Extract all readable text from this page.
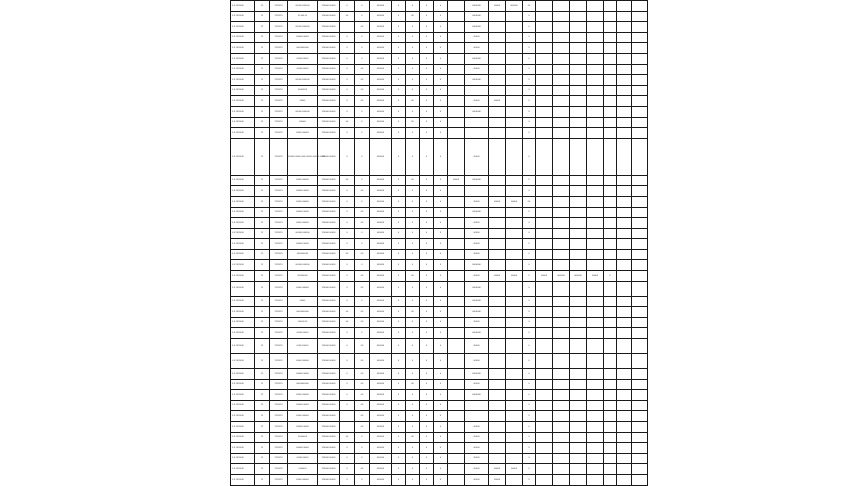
0.5 2020/06	12	12/2019	00000 0000000	120000 00000	0	0	000000	0	0	0	0		0000000	00000	000000	00							
0.5 2020/06	12	12/2019	00 000 00	120000 00000	00	0	000000	0	00	0	0		0000000			0							
0.5 2020/06	12	12/2019	00000 0000000	120000 00000		00	000000	0	0	0	0		0000000			0							
0.5 2020/06	12	12/2019	000000 00000	120000 00000	0	0	000000	0	0	0	0		00000			0							
0.5 2020/06	12	12/2019	00000000000	120000 00000	0	0	000000	0	0	0	0		00000			0							
0.5 2020/06	12	12/2019	00000 00000	120000 00000	0	0	000000	0	0	0	0		0000000			0							
0.5 2020/06	12	12/2019	00000 00000	120000 00000	0	00	000000	0	0	0	0		00000			0							
0.5 2020/06	12	12/2019	00000 0000000	120000 00000	0	00	000000	0	0	0	0		0000000			0							
0.5 2020/06	12	12/2019	00000000	120000 00000	0	00	000000	0	0	0	0					0							
0.5 2020/06	12	12/2019	00000	120000 00000	0	00	000000	0	00	0	0		00000	00000		0							
0.5 2020/06	12	12/2019	00000 0000000	120000 00000	0	0	000000	0	0	0	0		0000000			0							
0.5 2020/06	12	12/2019	000000	120000 00000	00	0	000000	0	00	0	0					0							
0.5 2020/06	12	12/2019	00000 000000	120000 00000	0	0	000000	0	0	0	0					0							
0.5 2020/06	12	12/2019	000000 00000 0000 00000 000000 00000	120000 00000	0	0	000000	0	0	0	0		00000			0							
0.5 2020/06	12	12/2019	00000 000000	120000 00000	00	0	000000	0	00	0	0	00000	0000000			0							
0.5 2020/06	12	12/2019	000000 00000	120000 00000	0	00	000000	0	0	0	0					0							
0.5 2020/06	12	12/2019	00000 000000	120000 00000	0	0	000000	0	0	0	0		00000	00000	00000	00							
0.5 2020/06	12	12/2019	000000 00000	120000 00000	0	00	000000	0	0	0	0		0000000			0							
0.5 2020/06	12	12/2019	00000 000000	120000 00000	0	00	000000	0	0	0	0		00000			0							
0.5 2020/06	12	12/2019	000000 000000	120000 00000	0	0	000000	0	0	0	0		00000			0							
0.5 2020/06	12	12/2019	000000 00000	120000 00000	0	0	000000	0	0	0	0		00000			0							
0.5 2020/06	12	12/2019	0000000000	120000 00000	00	00	000000	0	0	0	0		00000			0							
0.5 2020/06	12	12/2019	000000 000000	120000 00000	0	0	000000	0	0	0	0		0000000			0							
0.5 2020/06	12	12/2019	000000000	120000 00000	0	00	000000	0	00	0	0		00000	00000	00000	0	00000	000000	000000	00000	0		
0.5 2020/06	12	12/2019	00000 000000	120000 00000	0	00	000000	0	0	0	0		0000000			0							
0.5 2020/06	12	12/2019	00000	120000 00000	0	0	000000	0	0	0	0		0000000			0							
0.5 2020/06	12	12/2019	00000000000	120000 00000	00	00	000000	0	00	0	0		0000000			0							
0.5 2020/06	12	12/2019	000000 00	120000 00000	00	00	000000	0	0	0	0		00000			0							
0.5 2020/06	12	12/2019	00000 00000	120000 00000	0	0	000000	0	0	0	0		0000000			0							
0.5 2020/06	12	12/2019	0000 000000	120000 00000	0	00	000000	0	0	0	0		00000			0							
0.5 2020/06	12	12/2019	00000 000000	120000 00000	0	00	000000	0	0	0	0		00000			0							
0.5 2020/06	12	12/2019	000000 00000	120000 00000	0	00	000000	0	0	0	0		0000000			0							
0.5 2020/06	12	12/2019	00000000000	120000 00000	0	00	000000	0	00	0	0		00000			0							
0.5 2020/06	12	12/2019	00000 000000	120000 00000	0	00	000000	0	0	0	0		0000000			0							
0.5 2020/06	12	12/2019	000000 00000	120000 00000	0	00	000000	0	0	0	0					0							
0.5 2020/06	12	12/2019	00000 000000	120000 00000		00	000000	0	0	0	0					0							
0.5 2020/06	12	12/2019	000000 00000	120000 00000		00	000000	0	0	0	0		00000			0							
0.5 2020/06	12	12/2019	00000000	120000 00000	00	0	000000	0	00	0	0		00000			0							
0.5 2020/06	12	12/2019	000000 00000	120000 00000	0	0	000000	0	0	0	0		00000			0							
0.5 2020/06	12	12/2019	00000 00000	120000 00000	0	0	000000	0	0	0	0		00000			0							
0.5 2020/06	12	12/2019	0000000	120000 00000	0	00	000000	0	0	0	0		00000	00000	00000	0							
0.5 2020/06	12	12/2019	00000 000000	120000 00000	0	0	000000	0	0	0	0		00000	00000		0							
